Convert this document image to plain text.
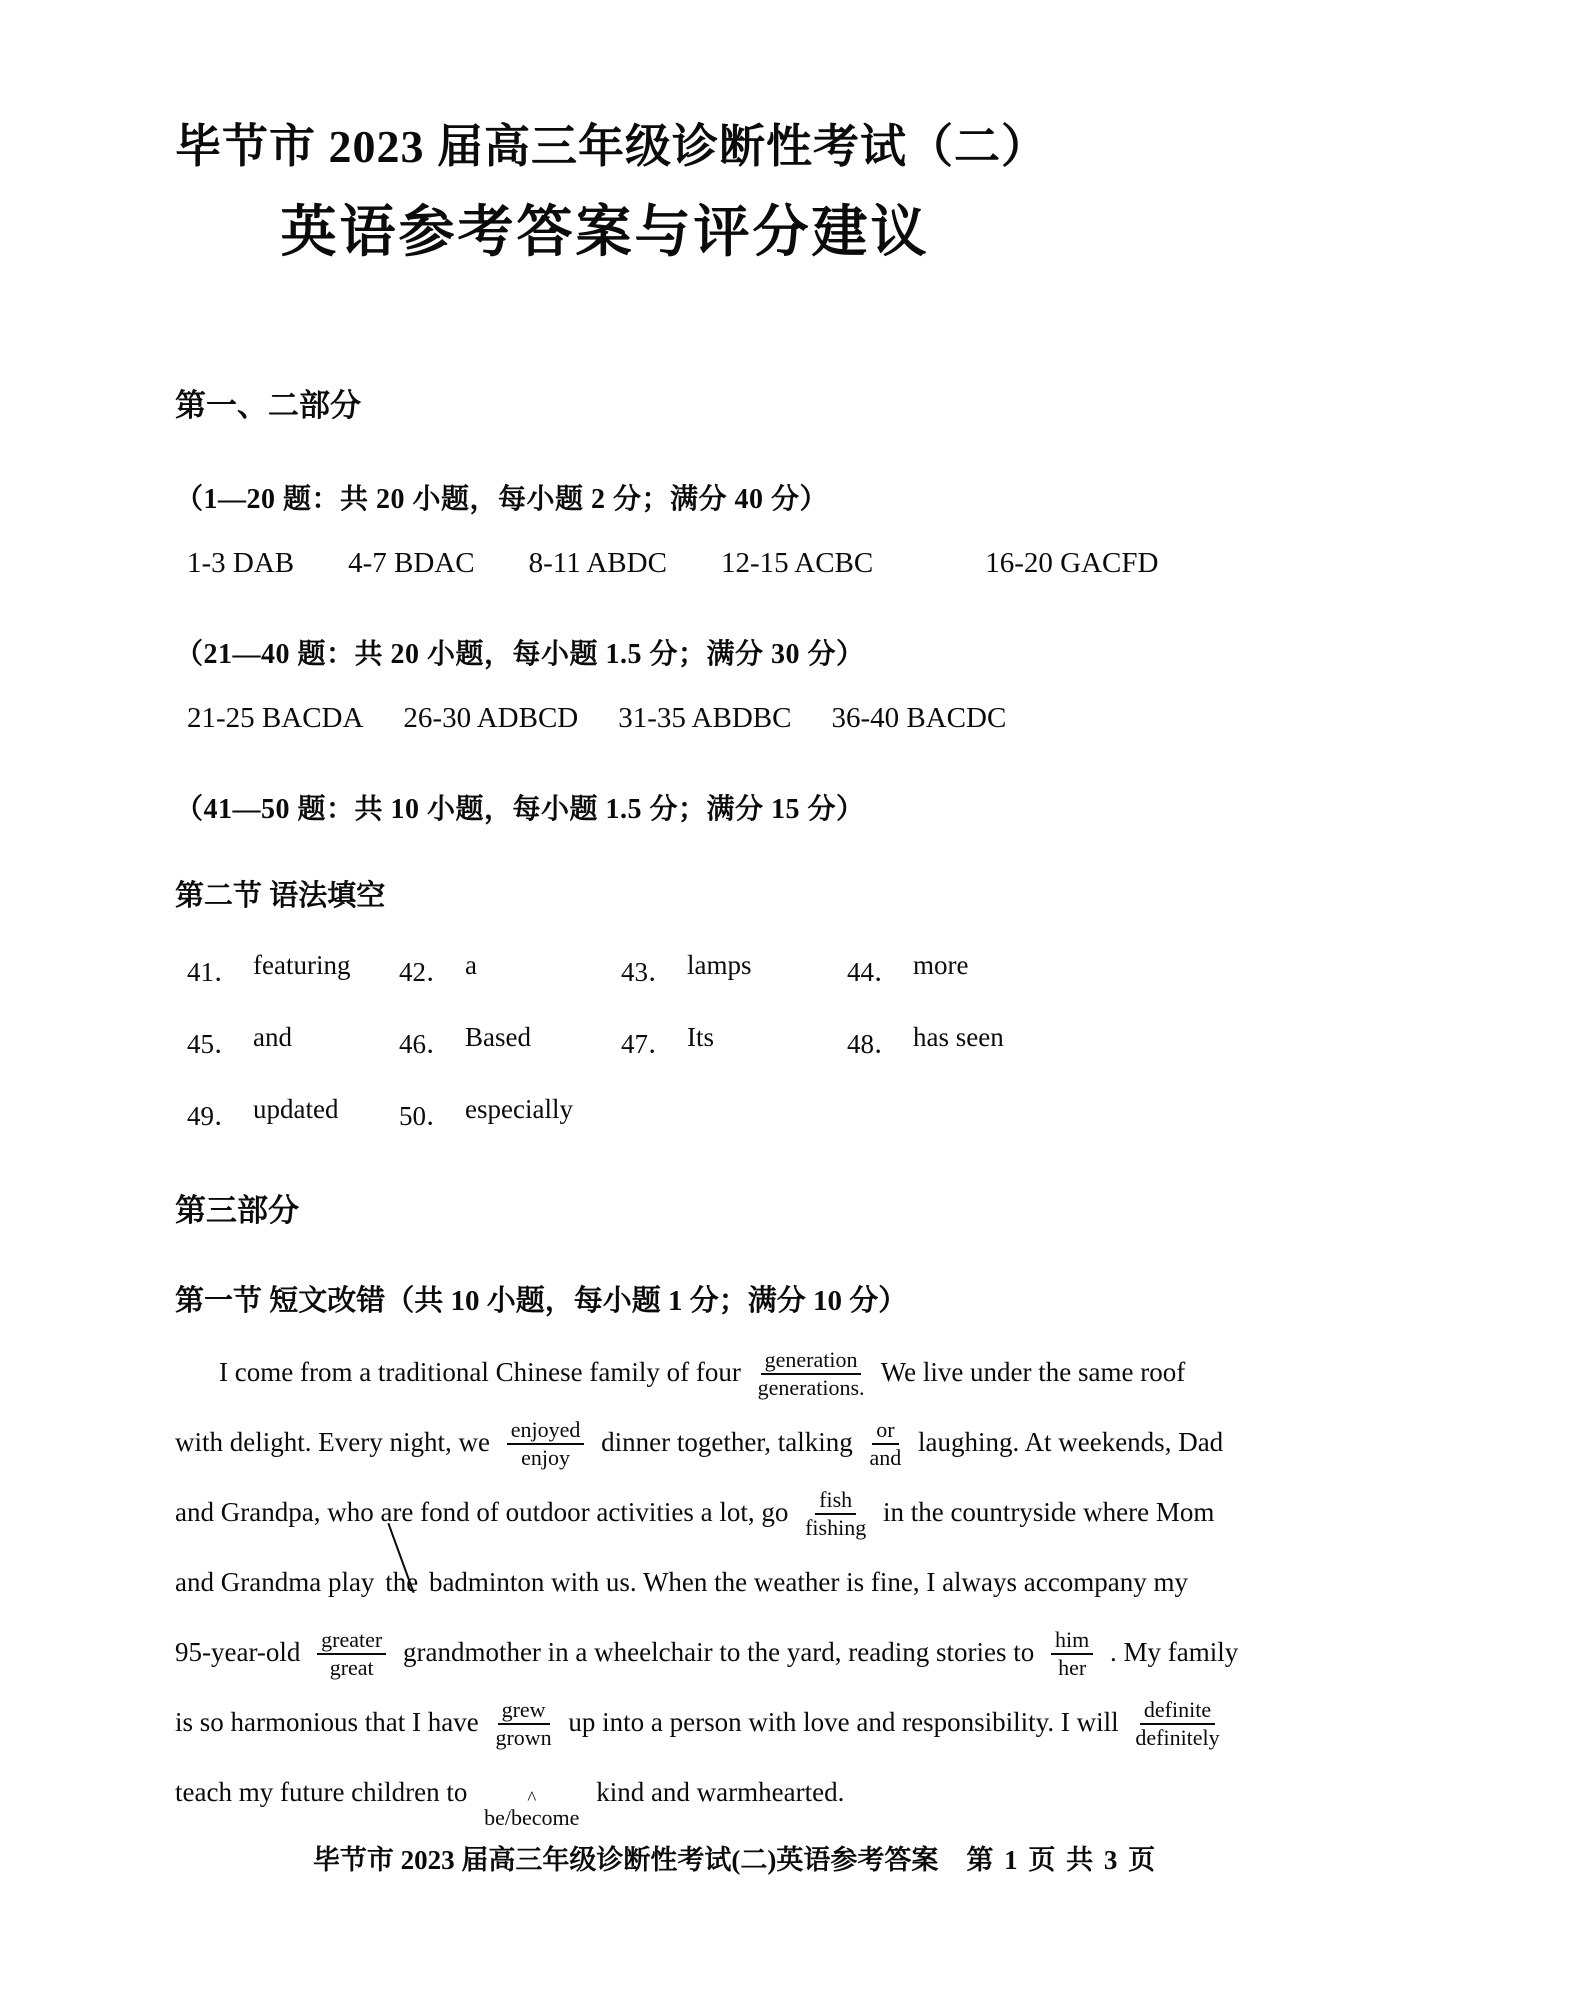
毕节市 2023 届高三年级诊断性考试（二）
英语参考答案与评分建议
第一、二部分
（1—20 题：共 20 小题，每小题 2 分；满分 40 分）
1-3 DAB 4-7 BDAC 8-11 ABDC 12-15 ACBC	16-20 GACFD
（21—40 题：共 20 小题，每小题 1.5 分；满分 30 分）
21-25 BACDA 26-30 ADBCD 31-35 ABDBC 36-40 BACDC
（41—50 题：共 10 小题，每小题 1.5 分；满分 15 分）
第二节 语法填空
41． featuring 42． a	43． lamps	44． more
45． and	46． Based	47． Its	48． has seen
49． updated 50． especially
第三部分
第一节 短文改错（共 10 小题，每小题 1 分；满分 10 分）
I come from a traditional Chinese family of four generation
generations.
We live under the same roof
with delight. Every night, we enjoyed
enjoy
dinner together, talking or
and
laughing. At weekends, Dad
and Grandpa, who are fond of outdoor activities a lot, go fish
fishing
in the countryside where Mom
and Grandma play the badminton with us. When the weather is fine, I always accompany my
95-year-old greater
great
grandmother in a wheelchair to the yard, reading stories to him
her
. My family
is so harmonious that I have grew
grown
up into a person with love and responsibility. I will definite
definitely
teach my future children to	^
be/become
kind and warmhearted.
毕节市 2023 届高三年级诊断性考试(二)英语参考答案 第 1 页 共 3 页
